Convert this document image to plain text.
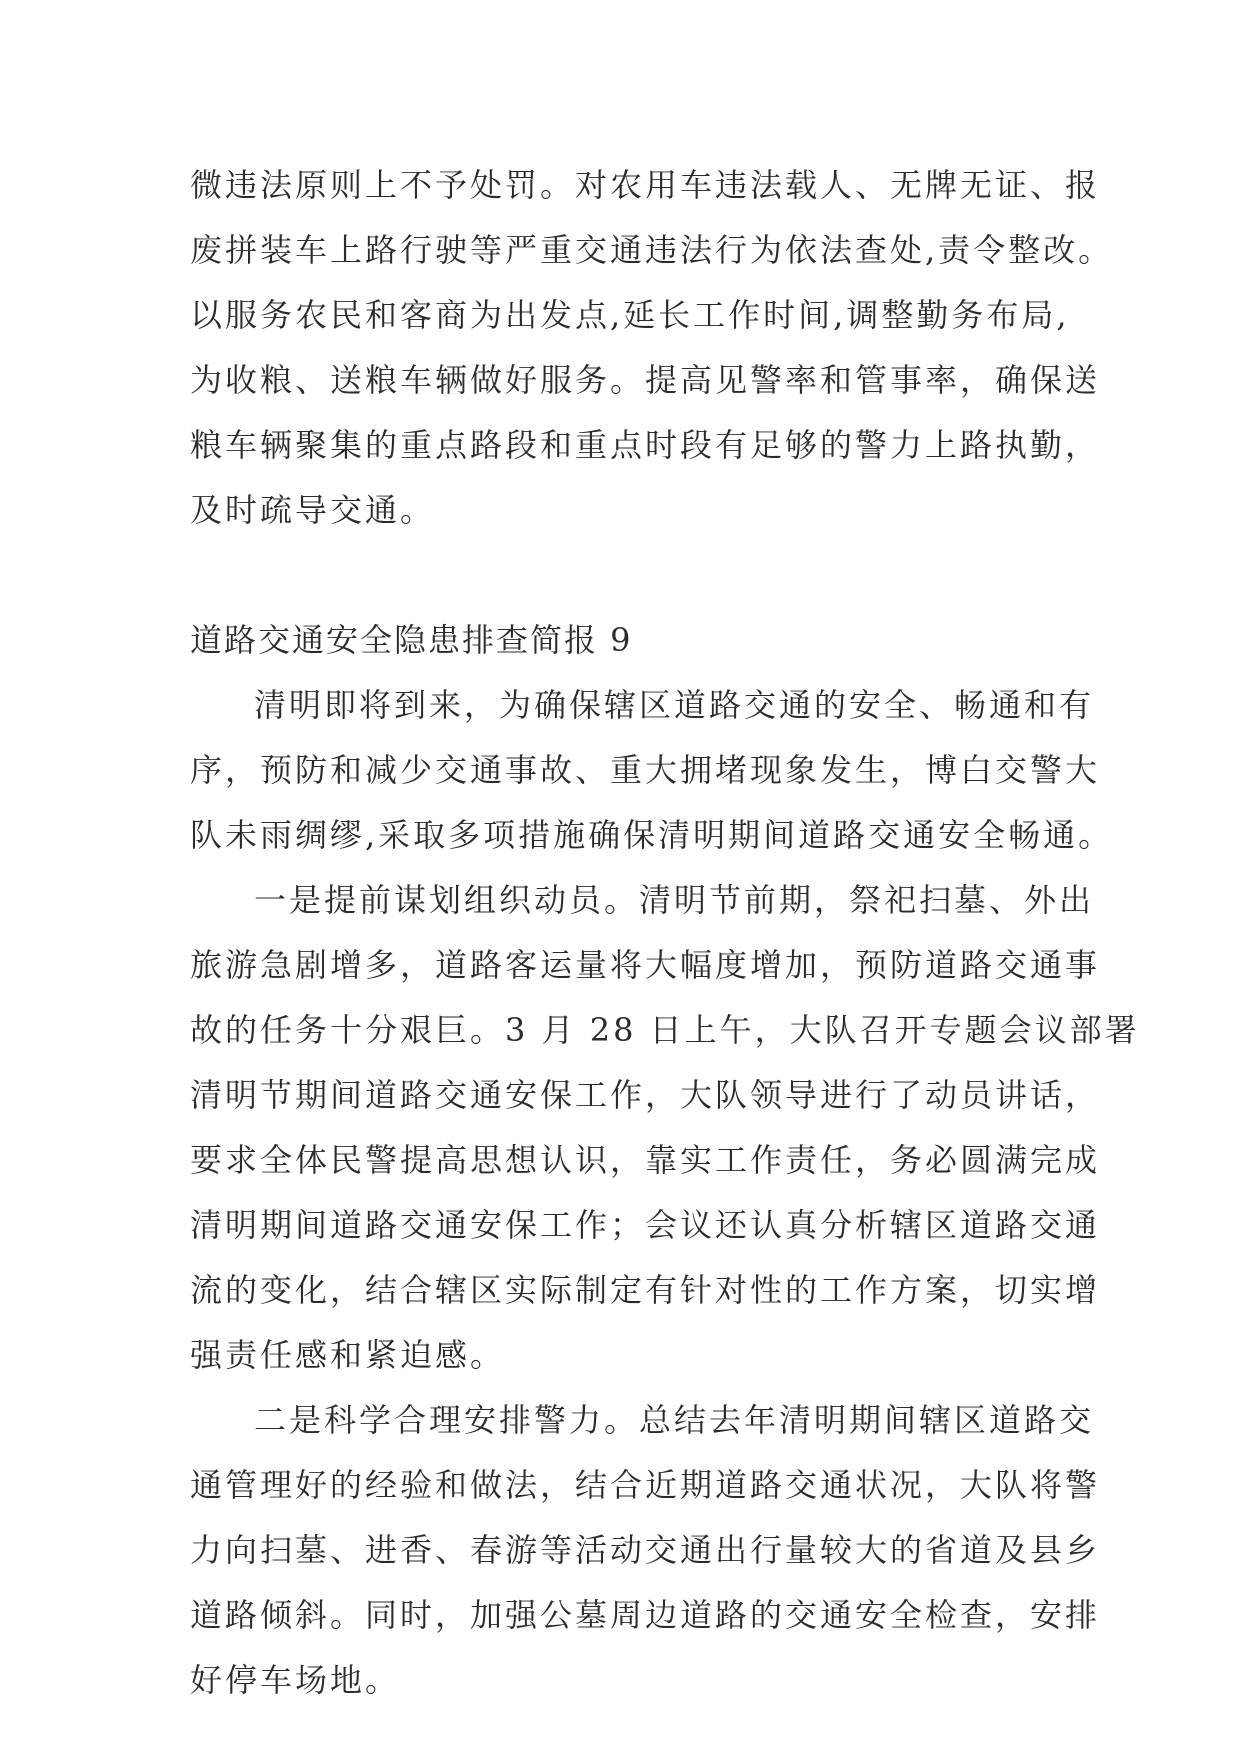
微违法原则上不予处罚。对农用车违法载人、无牌无证、报

废拼装车上路行驶等严重交通违法行为依法查处,责令整改。

以服务农民和客商为出发点,延长工作时间,调整勤务布局,

为收粮、送粮车辆做好服务。提高见警率和管事率，确保送

粮车辆聚集的重点路段和重点时段有足够的警力上路执勤，

及时疏导交通。

道路交通安全隐患排查简报 9

清明即将到来，为确保辖区道路交通的安全、畅通和有

序，预防和减少交通事故、重大拥堵现象发生，博白交警大

队未雨绸缪,采取多项措施确保清明期间道路交通安全畅通。

一是提前谋划组织动员。清明节前期，祭祀扫墓、外出

旅游急剧增多，道路客运量将大幅度增加，预防道路交通事

故的任务十分艰巨。3 月 28 日上午，大队召开专题会议部署

清明节期间道路交通安保工作，大队领导进行了动员讲话，

要求全体民警提高思想认识，靠实工作责任，务必圆满完成

清明期间道路交通安保工作；会议还认真分析辖区道路交通

流的变化，结合辖区实际制定有针对性的工作方案，切实增

强责任感和紧迫感。

二是科学合理安排警力。总结去年清明期间辖区道路交

通管理好的经验和做法，结合近期道路交通状况，大队将警

力向扫墓、进香、春游等活动交通出行量较大的省道及县乡

道路倾斜。同时，加强公墓周边道路的交通安全检查，安排

好停车场地。
